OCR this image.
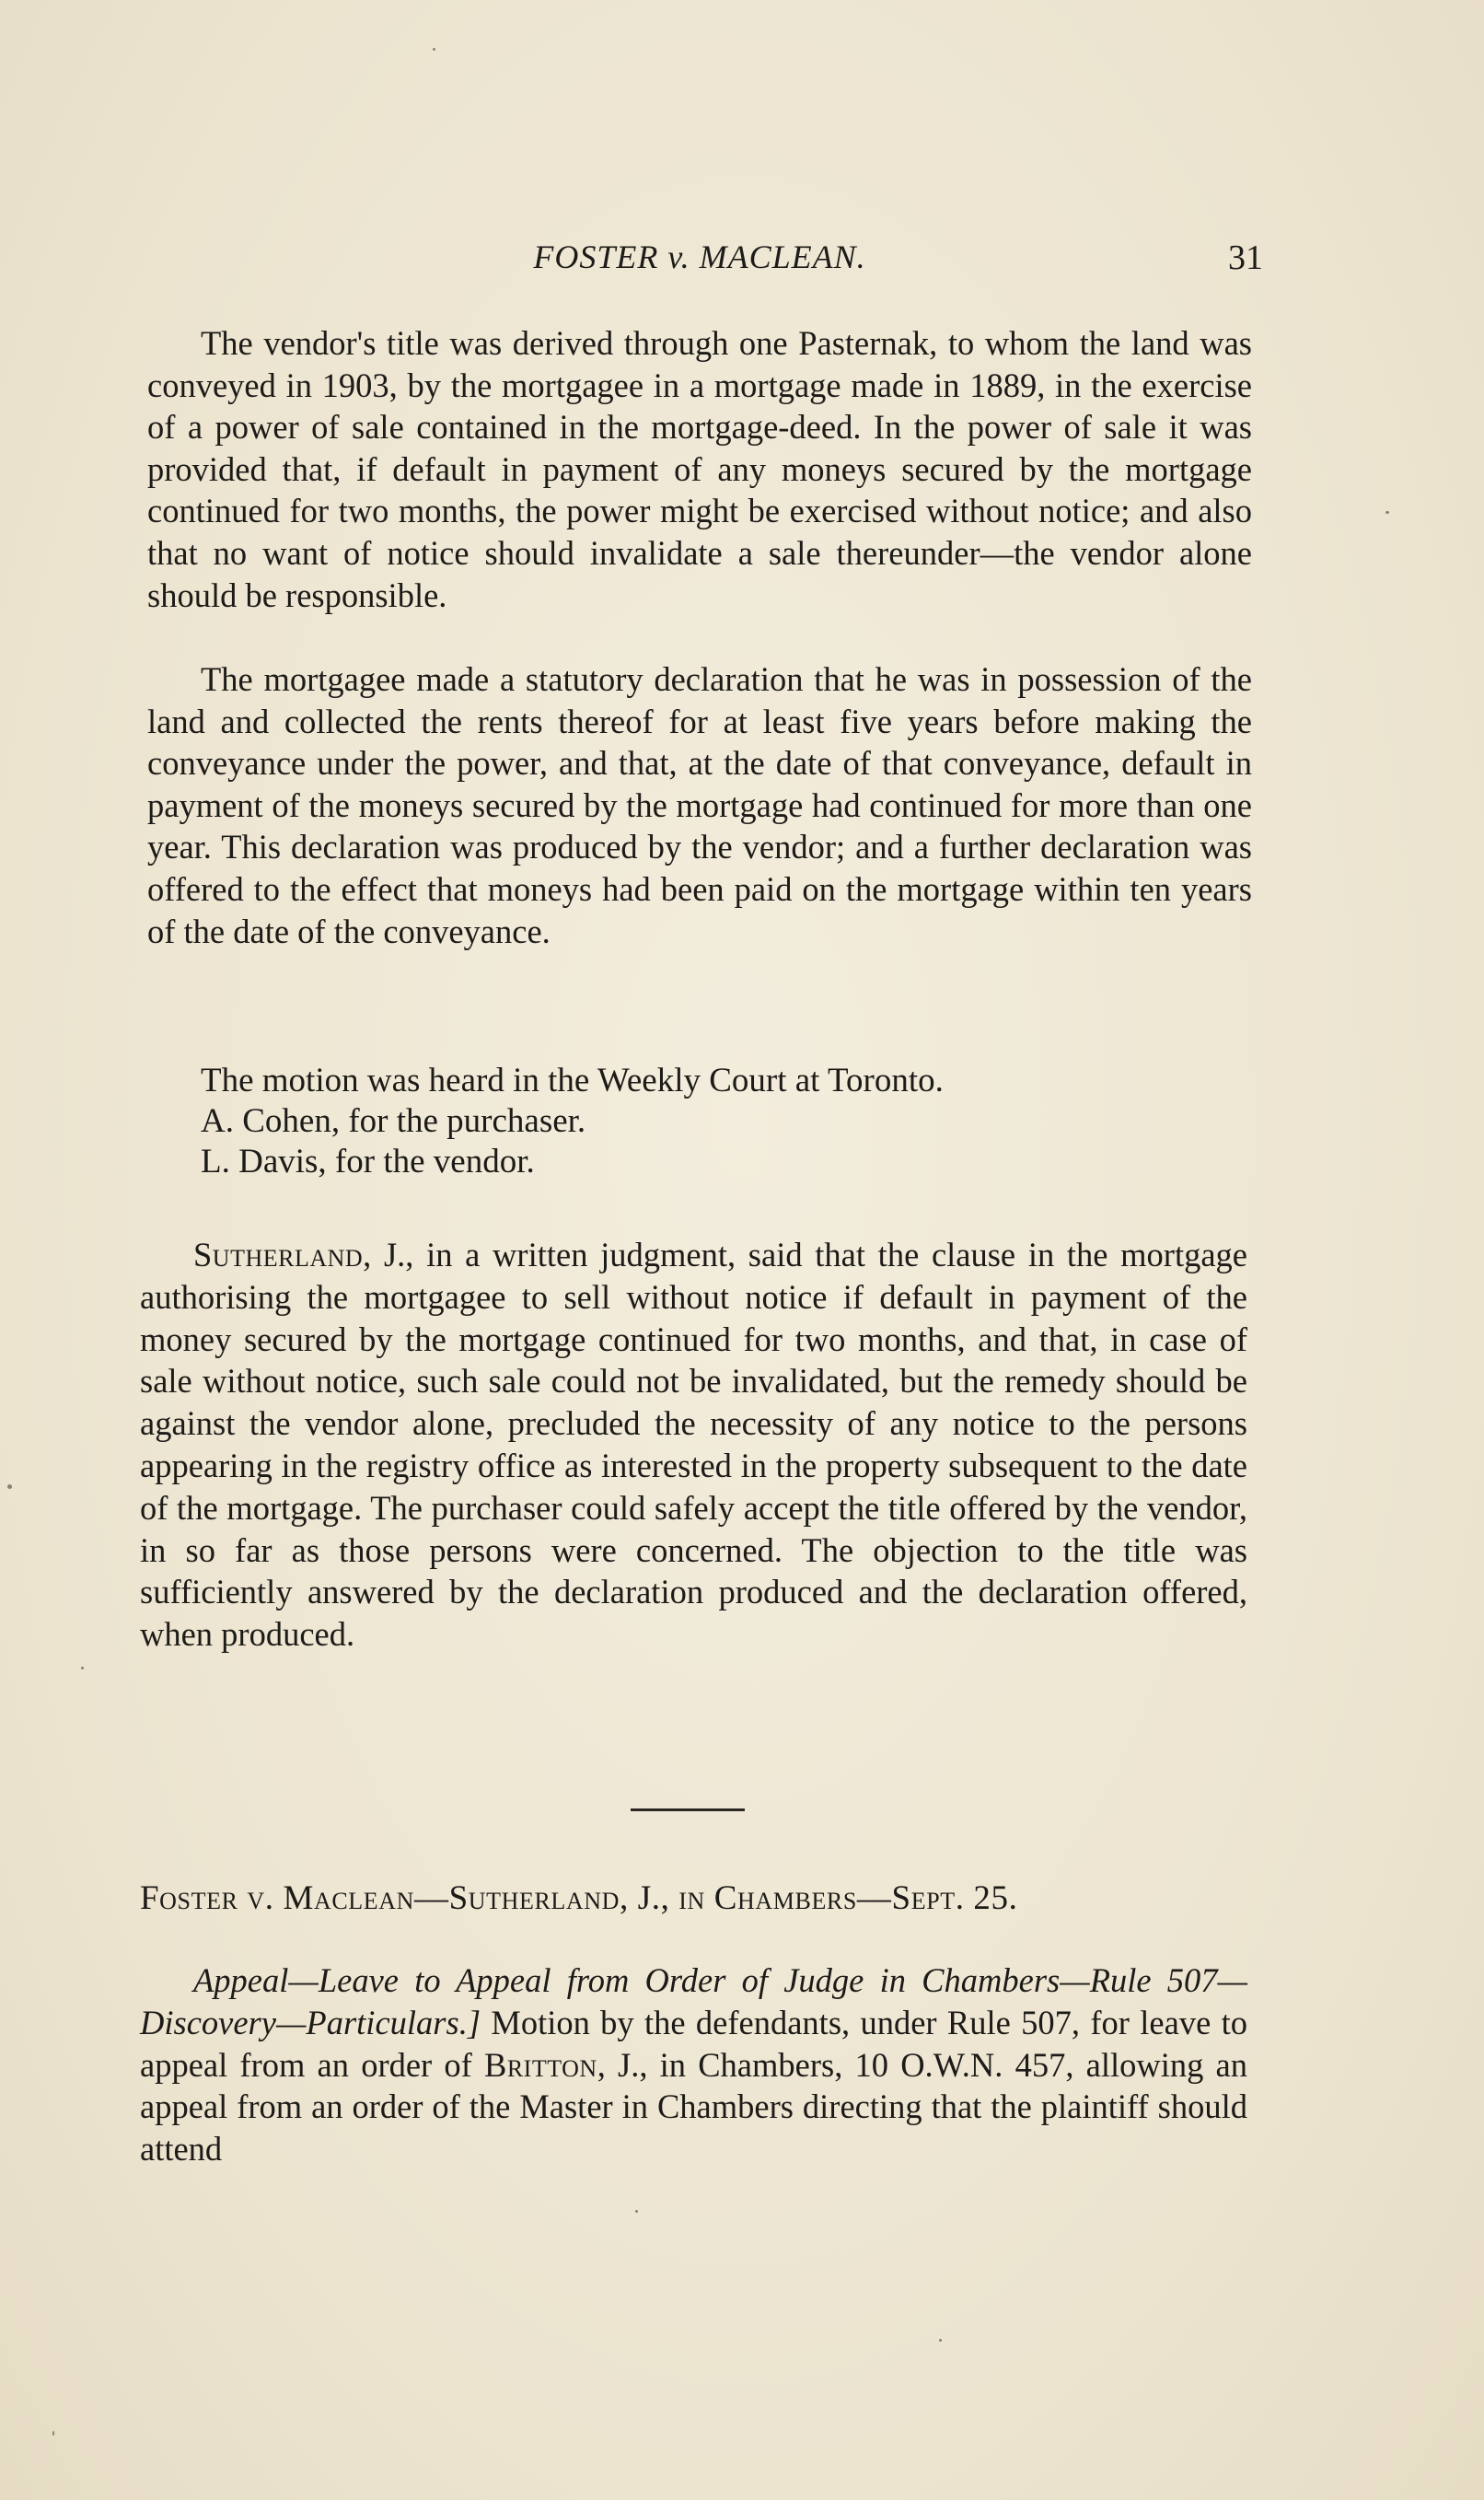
FOSTER v. MACLEAN.	31

The vendor's title was derived through one Pasternak, to whom the land was conveyed in 1903, by the mortgagee in a mortgage made in 1889, in the exercise of a power of sale contained in the mortgage-deed. In the power of sale it was provided that, if default in payment of any moneys secured by the mortgage continued for two months, the power might be exercised without notice; and also that no want of notice should invalidate a sale thereunder—the vendor alone should be responsible.

The mortgagee made a statutory declaration that he was in possession of the land and collected the rents thereof for at least five years before making the conveyance under the power, and that, at the date of that conveyance, default in payment of the moneys secured by the mortgage had continued for more than one year. This declaration was produced by the vendor; and a further declaration was offered to the effect that moneys had been paid on the mortgage within ten years of the date of the conveyance.

The motion was heard in the Weekly Court at Toronto.
A. Cohen, for the purchaser.
L. Davis, for the vendor.

Sutherland, J., in a written judgment, said that the clause in the mortgage authorising the mortgagee to sell without notice if default in payment of the money secured by the mortgage continued for two months, and that, in case of sale without notice, such sale could not be invalidated, but the remedy should be against the vendor alone, precluded the necessity of any notice to the persons appearing in the registry office as interested in the property subsequent to the date of the mortgage. The purchaser could safely accept the title offered by the vendor, in so far as those persons were concerned. The objection to the title was sufficiently answered by the declaration produced and the declaration offered, when produced.

Foster v. Maclean—Sutherland, J., in Chambers—Sept. 25.

Appeal—Leave to Appeal from Order of Judge in Chambers—Rule 507—Discovery—Particulars.] Motion by the defendants, under Rule 507, for leave to appeal from an order of Britton, J., in Chambers, 10 O.W.N. 457, allowing an appeal from an order of the Master in Chambers directing that the plaintiff should attend
